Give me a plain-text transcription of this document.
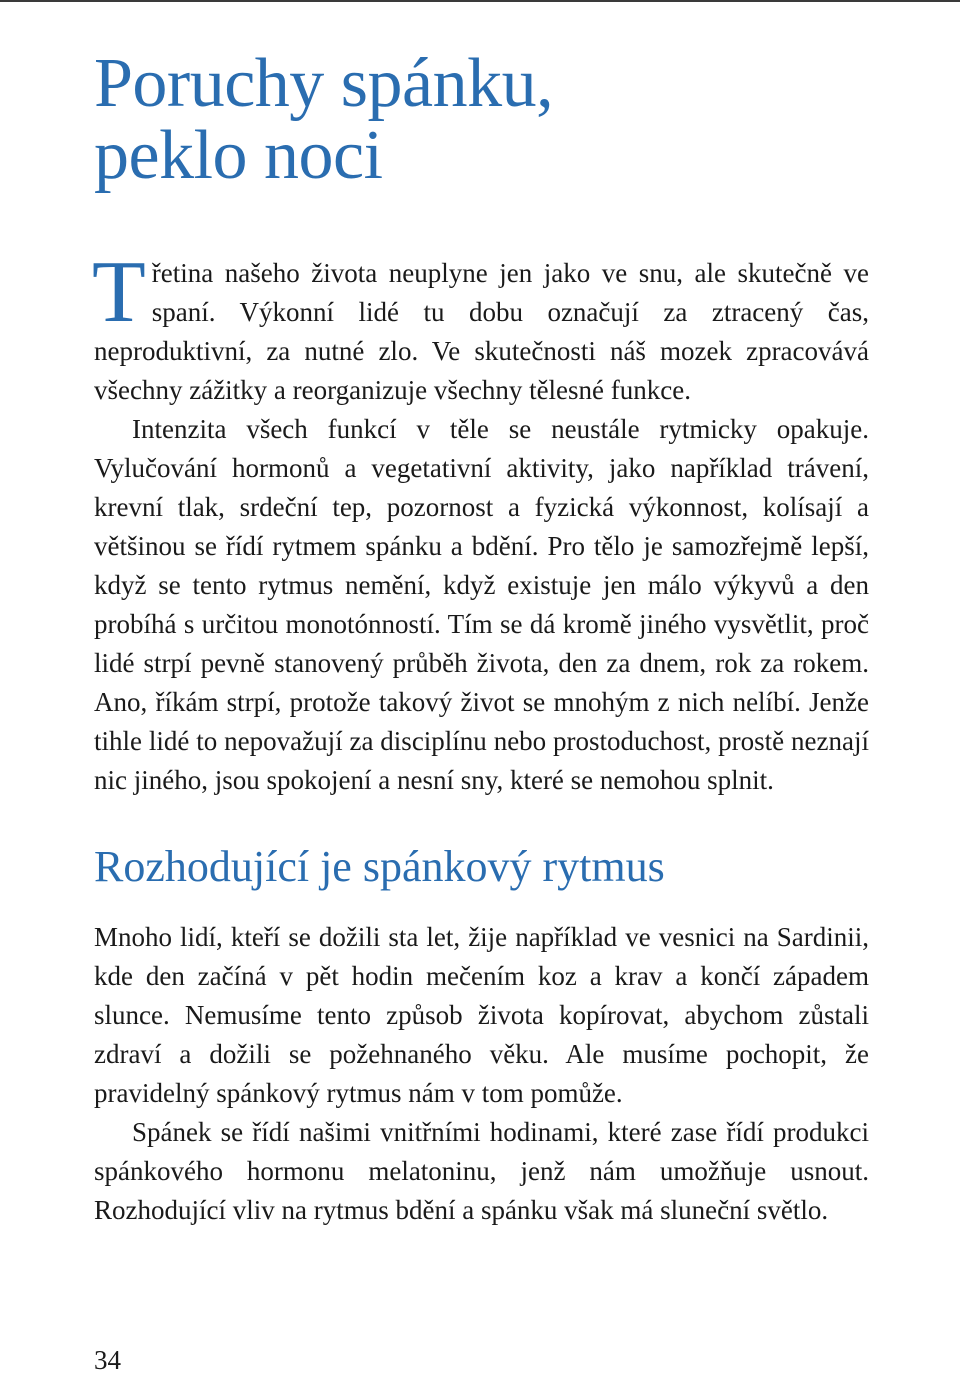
Poruchy spánku,
peklo noci

Třetina našeho života neuplyne jen jako ve snu, ale skutečně ve spaní. Výkonní lidé tu dobu označují za ztracený čas, neproduktivní, za nutné zlo. Ve skutečnosti náš mozek zpracovává všechny zážitky a reorganizuje všechny tělesné funkce.

Intenzita všech funkcí v těle se neustále rytmicky opakuje. Vylučování hormonů a vegetativní aktivity, jako například trávení, krevní tlak, srdeční tep, pozornost a fyzická výkonnost, kolísají a většinou se řídí rytmem spánku a bdění. Pro tělo je samozřejmě lepší, když se tento rytmus nemění, když existuje jen málo výkyvů a den probíhá s určitou monotónností. Tím se dá kromě jiného vysvětlit, proč lidé strpí pevně stanovený průběh života, den za dnem, rok za rokem. Ano, říkám strpí, protože takový život se mnohým z nich nelíbí. Jenže tihle lidé to nepovažují za disciplínu nebo prostoduchost, prostě neznají nic jiného, jsou spokojení a nesní sny, které se nemohou splnit.

Rozhodující je spánkový rytmus

Mnoho lidí, kteří se dožili sta let, žije například ve vesnici na Sardinii, kde den začíná v pět hodin mečením koz a krav a končí západem slunce. Nemusíme tento způsob života kopírovat, abychom zůstali zdraví a dožili se požehnaného věku. Ale musíme pochopit, že pravidelný spánkový rytmus nám v tom pomůže.

Spánek se řídí našimi vnitřními hodinami, které zase řídí produkci spánkového hormonu melatoninu, jenž nám umožňuje usnout. Rozhodující vliv na rytmus bdění a spánku však má sluneční světlo.

34
